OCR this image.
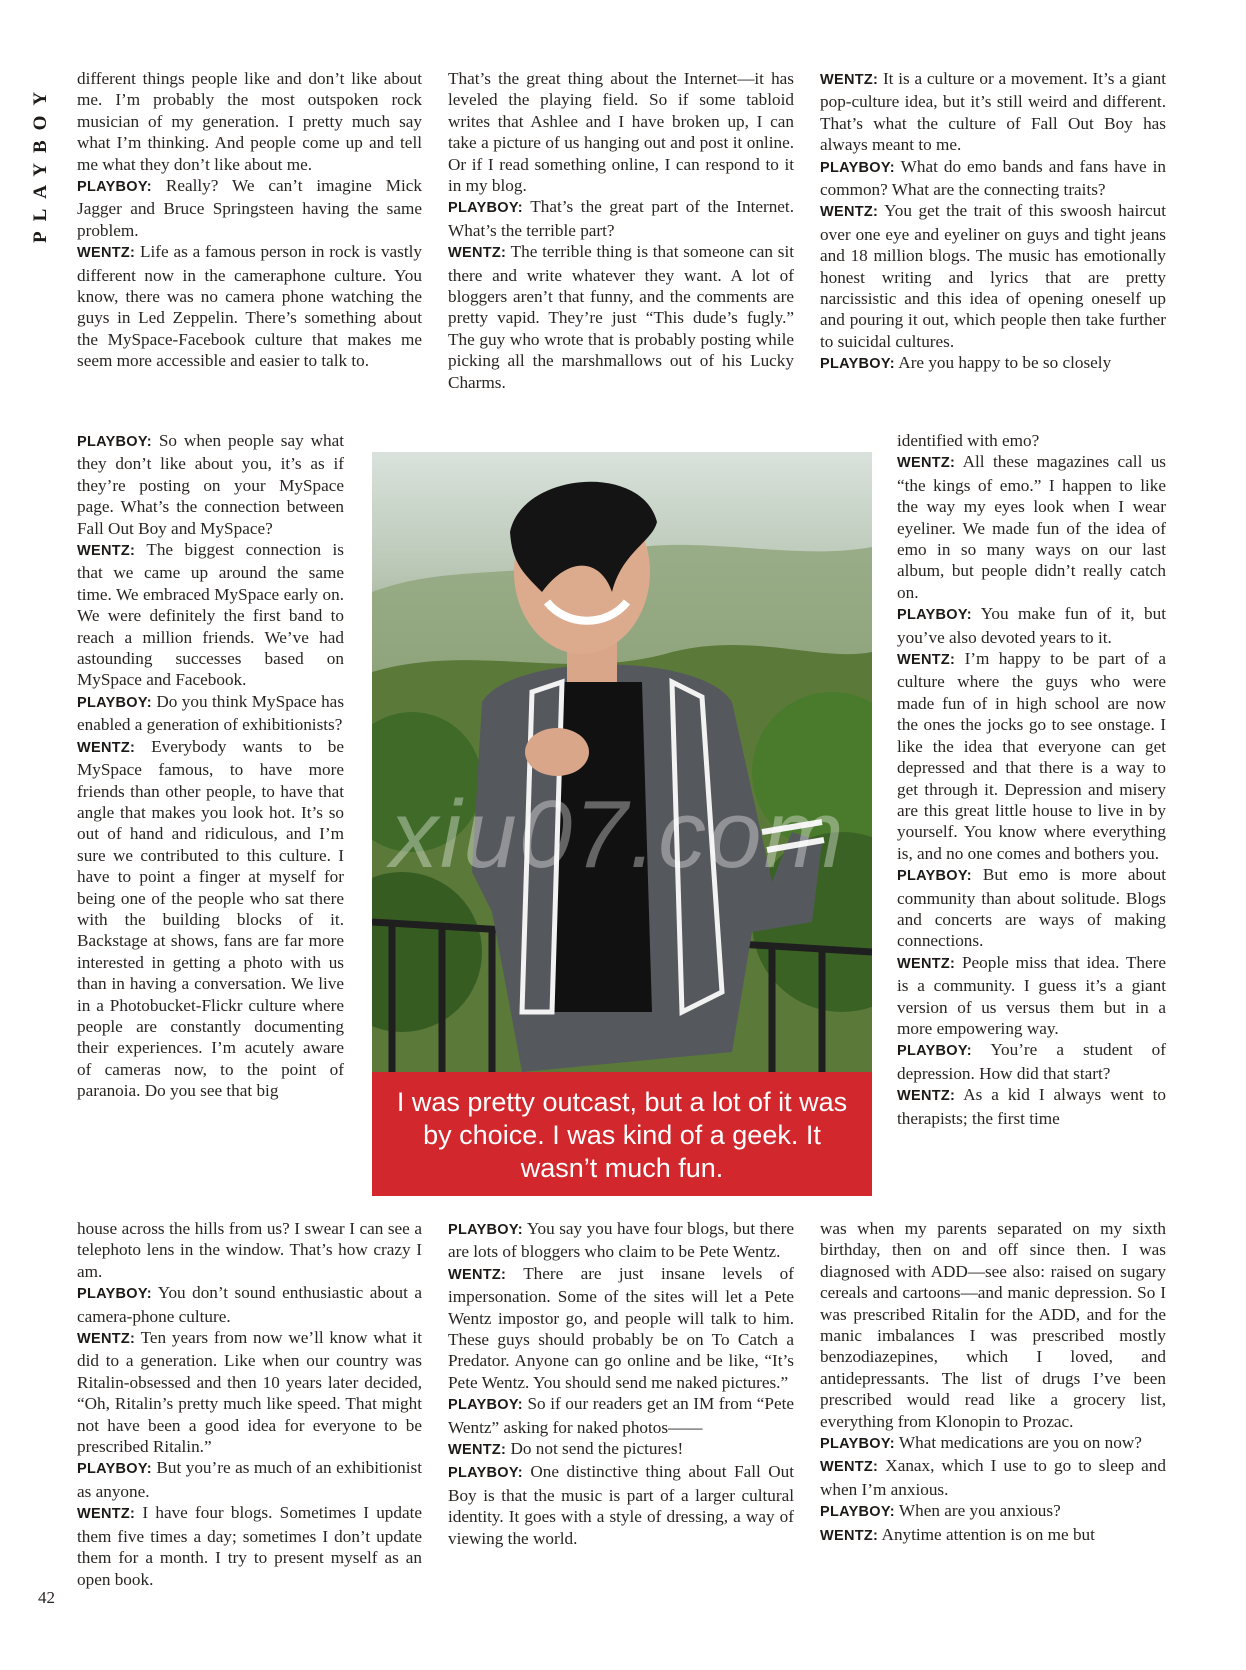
PLAYBOY

different things people like and don’t like about me. I’m probably the most outspoken rock musician of my generation. I pretty much say what I’m thinking. And people come up and tell me what they don’t like about me.

PLAYBOY: Really? We can’t imagine Mick Jagger and Bruce Springsteen having the same problem.

WENTZ: Life as a famous person in rock is vastly different now in the cameraphone culture. You know, there was no camera phone watching the guys in Led Zeppelin. There’s something about the MySpace-Facebook culture that makes me seem more accessible and easier to talk to.

PLAYBOY: So when people say what they don’t like about you, it’s as if they’re posting on your MySpace page. What’s the connection between Fall Out Boy and MySpace?

WENTZ: The biggest connection is that we came up around the same time. We embraced MySpace early on. We were definitely the first band to reach a million friends. We’ve had astounding successes based on MySpace and Facebook.

PLAYBOY: Do you think MySpace has enabled a generation of exhibitionists?

WENTZ: Everybody wants to be MySpace famous, to have more friends than other people, to have that angle that makes you look hot. It’s so out of hand and ridiculous, and I’m sure we contributed to this culture. I have to point a finger at myself for being one of the people who sat there with the building blocks of it. Backstage at shows, fans are far more interested in getting a photo with us than in having a conversation. We live in a Photobucket-Flickr culture where people are constantly documenting their experiences. I’m acutely aware of cameras now, to the point of paranoia. Do you see that big

house across the hills from us? I swear I can see a telephoto lens in the window. That’s how crazy I am.

PLAYBOY: You don’t sound enthusiastic about a camera-phone culture.

WENTZ: Ten years from now we’ll know what it did to a generation. Like when our country was Ritalin-obsessed and then 10 years later decided, “Oh, Ritalin’s pretty much like speed. That might not have been a good idea for everyone to be prescribed Ritalin.”

PLAYBOY: But you’re as much of an exhibitionist as anyone.

WENTZ: I have four blogs. Sometimes I update them five times a day; sometimes I don’t update them for a month. I try to present myself as an open book.

That’s the great thing about the Internet—it has leveled the playing field. So if some tabloid writes that Ashlee and I have broken up, I can take a picture of us hanging out and post it online. Or if I read something online, I can respond to it in my blog.

PLAYBOY: That’s the great part of the Internet. What’s the terrible part?

WENTZ: The terrible thing is that someone can sit there and write whatever they want. A lot of bloggers aren’t that funny, and the comments are pretty vapid. They’re just “This dude’s fugly.” The guy who wrote that is probably posting while picking all the marshmallows out of his Lucky Charms.

PLAYBOY: You say you have four blogs, but there are lots of bloggers who claim to be Pete Wentz.

WENTZ: There are just insane levels of impersonation. Some of the sites will let a Pete Wentz impostor go, and people will talk to him. These guys should probably be on To Catch a Predator. Anyone can go online and be like, “It’s Pete Wentz. You should send me naked pictures.”

PLAYBOY: So if our readers get an IM from “Pete Wentz” asking for naked photos——

WENTZ: Do not send the pictures!

PLAYBOY: One distinctive thing about Fall Out Boy is that the music is part of a larger cultural identity. It goes with a style of dressing, a way of viewing the world.

WENTZ: It is a culture or a movement. It’s a giant pop-culture idea, but it’s still weird and different. That’s what the culture of Fall Out Boy has always meant to me.

PLAYBOY: What do emo bands and fans have in common? What are the connecting traits?

WENTZ: You get the trait of this swoosh haircut over one eye and eyeliner on guys and tight jeans and 18 million blogs. The music has emotionally honest writing and lyrics that are pretty narcissistic and this idea of opening oneself up and pouring it out, which people then take further to suicidal cultures.

PLAYBOY: Are you happy to be so closely

identified with emo?

WENTZ: All these magazines call us “the kings of emo.” I happen to like the way my eyes look when I wear eyeliner. We made fun of the idea of emo in so many ways on our last album, but people didn’t really catch on.

PLAYBOY: You make fun of it, but you’ve also devoted years to it.

WENTZ: I’m happy to be part of a culture where the guys who were made fun of in high school are now the ones the jocks go to see onstage. I like the idea that everyone can get depressed and that there is a way to get through it. Depression and misery are this great little house to live in by yourself. You know where everything is, and no one comes and bothers you.

PLAYBOY: But emo is more about community than about solitude. Blogs and concerts are ways of making connections.

WENTZ: People miss that idea. There is a community. I guess it’s a giant version of us versus them but in a more empowering way.

PLAYBOY: You’re a student of depression. How did that start?

WENTZ: As a kid I always went to therapists; the first time

was when my parents separated on my sixth birthday, then on and off since then. I was diagnosed with ADD—see also: raised on sugary cereals and cartoons—and manic depression. So I was prescribed Ritalin for the ADD, and for the manic imbalances I was prescribed mostly benzodiazepines, which I loved, and antidepressants. The list of drugs I’ve been prescribed would read like a grocery list, everything from Klonopin to Prozac.

PLAYBOY: What medications are you on now?

WENTZ: Xanax, which I use to go to sleep and when I’m anxious.

PLAYBOY: When are you anxious?

WENTZ: Anytime attention is on me but

xiu07.com

I was pretty outcast, but a lot of it was by choice. I was kind of a geek. It wasn’t much fun.

42
